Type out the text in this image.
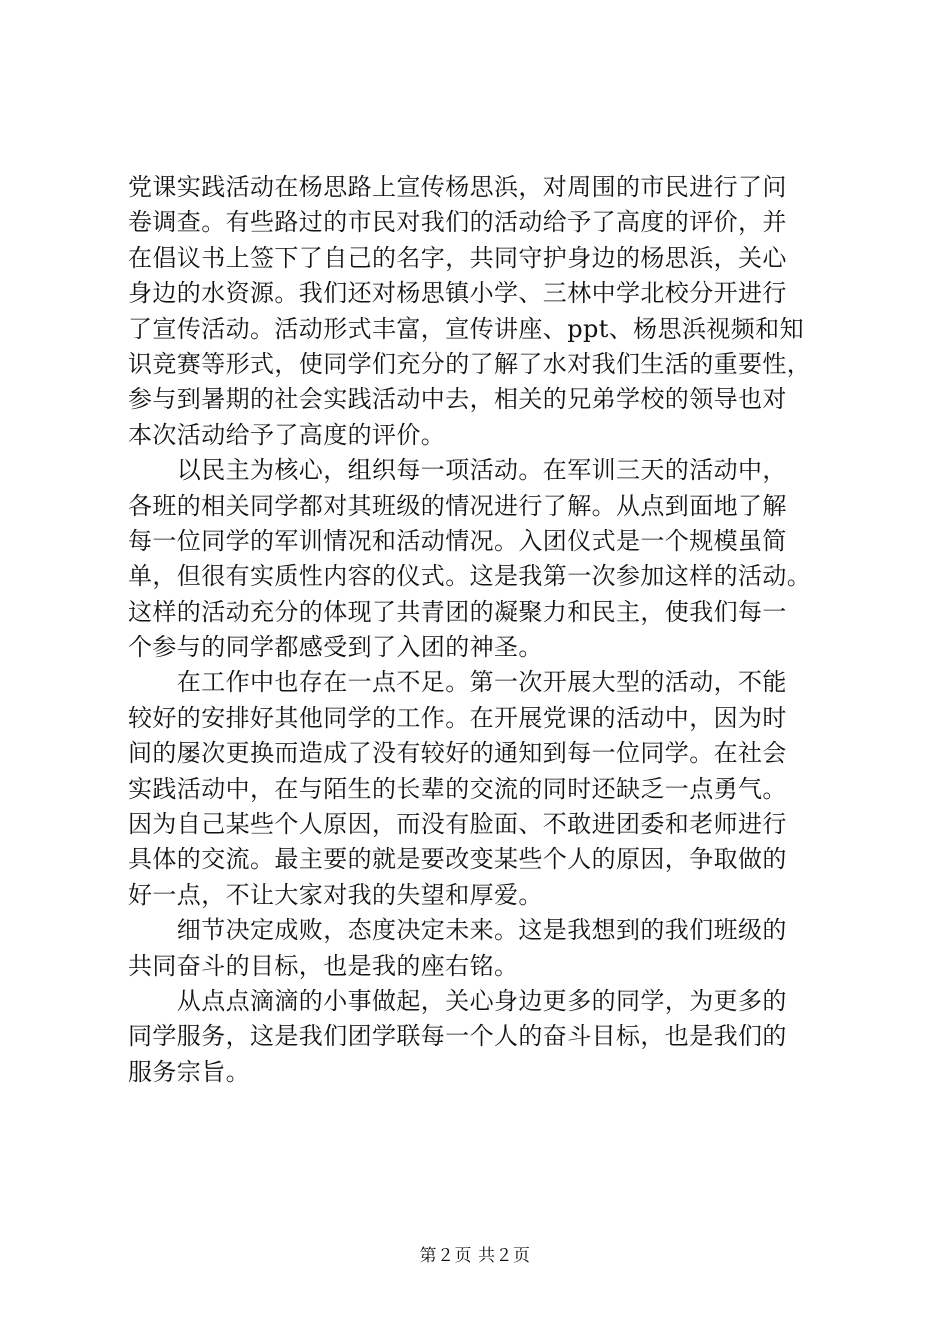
党课实践活动在杨思路上宣传杨思浜，对周围的市民进行了问
卷调查。有些路过的市民对我们的活动给予了高度的评价，并
在倡议书上签下了自己的名字，共同守护身边的杨思浜，关心
身边的水资源。我们还对杨思镇小学、三林中学北校分开进行
了宣传活动。活动形式丰富，宣传讲座、ppt、杨思浜视频和知
识竞赛等形式，使同学们充分的了解了水对我们生活的重要性，
参与到暑期的社会实践活动中去，相关的兄弟学校的领导也对
本次活动给予了高度的评价。
　　以民主为核心，组织每一项活动。在军训三天的活动中，
各班的相关同学都对其班级的情况进行了解。从点到面地了解
每一位同学的军训情况和活动情况。入团仪式是一个规模虽简
单，但很有实质性内容的仪式。这是我第一次参加这样的活动。
这样的活动充分的体现了共青团的凝聚力和民主，使我们每一
个参与的同学都感受到了入团的神圣。
　　在工作中也存在一点不足。第一次开展大型的活动，不能
较好的安排好其他同学的工作。在开展党课的活动中，因为时
间的屡次更换而造成了没有较好的通知到每一位同学。在社会
实践活动中，在与陌生的长辈的交流的同时还缺乏一点勇气。
因为自己某些个人原因，而没有脸面、不敢进团委和老师进行
具体的交流。最主要的就是要改变某些个人的原因，争取做的
好一点，不让大家对我的失望和厚爱。
　　细节决定成败，态度决定未来。这是我想到的我们班级的
共同奋斗的目标，也是我的座右铭。
　　从点点滴滴的小事做起，关心身边更多的同学，为更多的
同学服务，这是我们团学联每一个人的奋斗目标，也是我们的
服务宗旨。
第２页 共２页
